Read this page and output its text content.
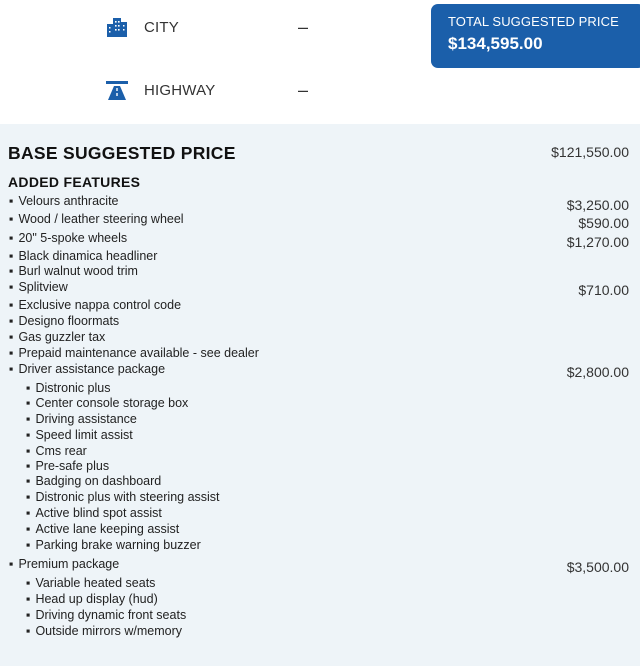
CITY	–
HIGHWAY	–
TOTAL SUGGESTED PRICE
$134,595.00
BASE SUGGESTED PRICE	$121,550.00
ADDED FEATURES
▪ Velours anthracite	$3,250.00
▪ Wood / leather steering wheel	$590.00
▪ 20" 5-spoke wheels	$1,270.00
▪ Black dinamica headliner
▪ Burl walnut wood trim
▪ Splitview	$710.00
▪ Exclusive nappa control code
▪ Designo floormats
▪ Gas guzzler tax
▪ Prepaid maintenance available - see dealer
▪ Driver assistance package	$2,800.00
▪ Distronic plus
▪ Center console storage box
▪ Driving assistance
▪ Speed limit assist
▪ Cms rear
▪ Pre-safe plus
▪ Badging on dashboard
▪ Distronic plus with steering assist
▪ Active blind spot assist
▪ Active lane keeping assist
▪ Parking brake warning buzzer
▪ Premium package	$3,500.00
▪ Variable heated seats
▪ Head up display (hud)
▪ Driving dynamic front seats
▪ Outside mirrors w/memory
